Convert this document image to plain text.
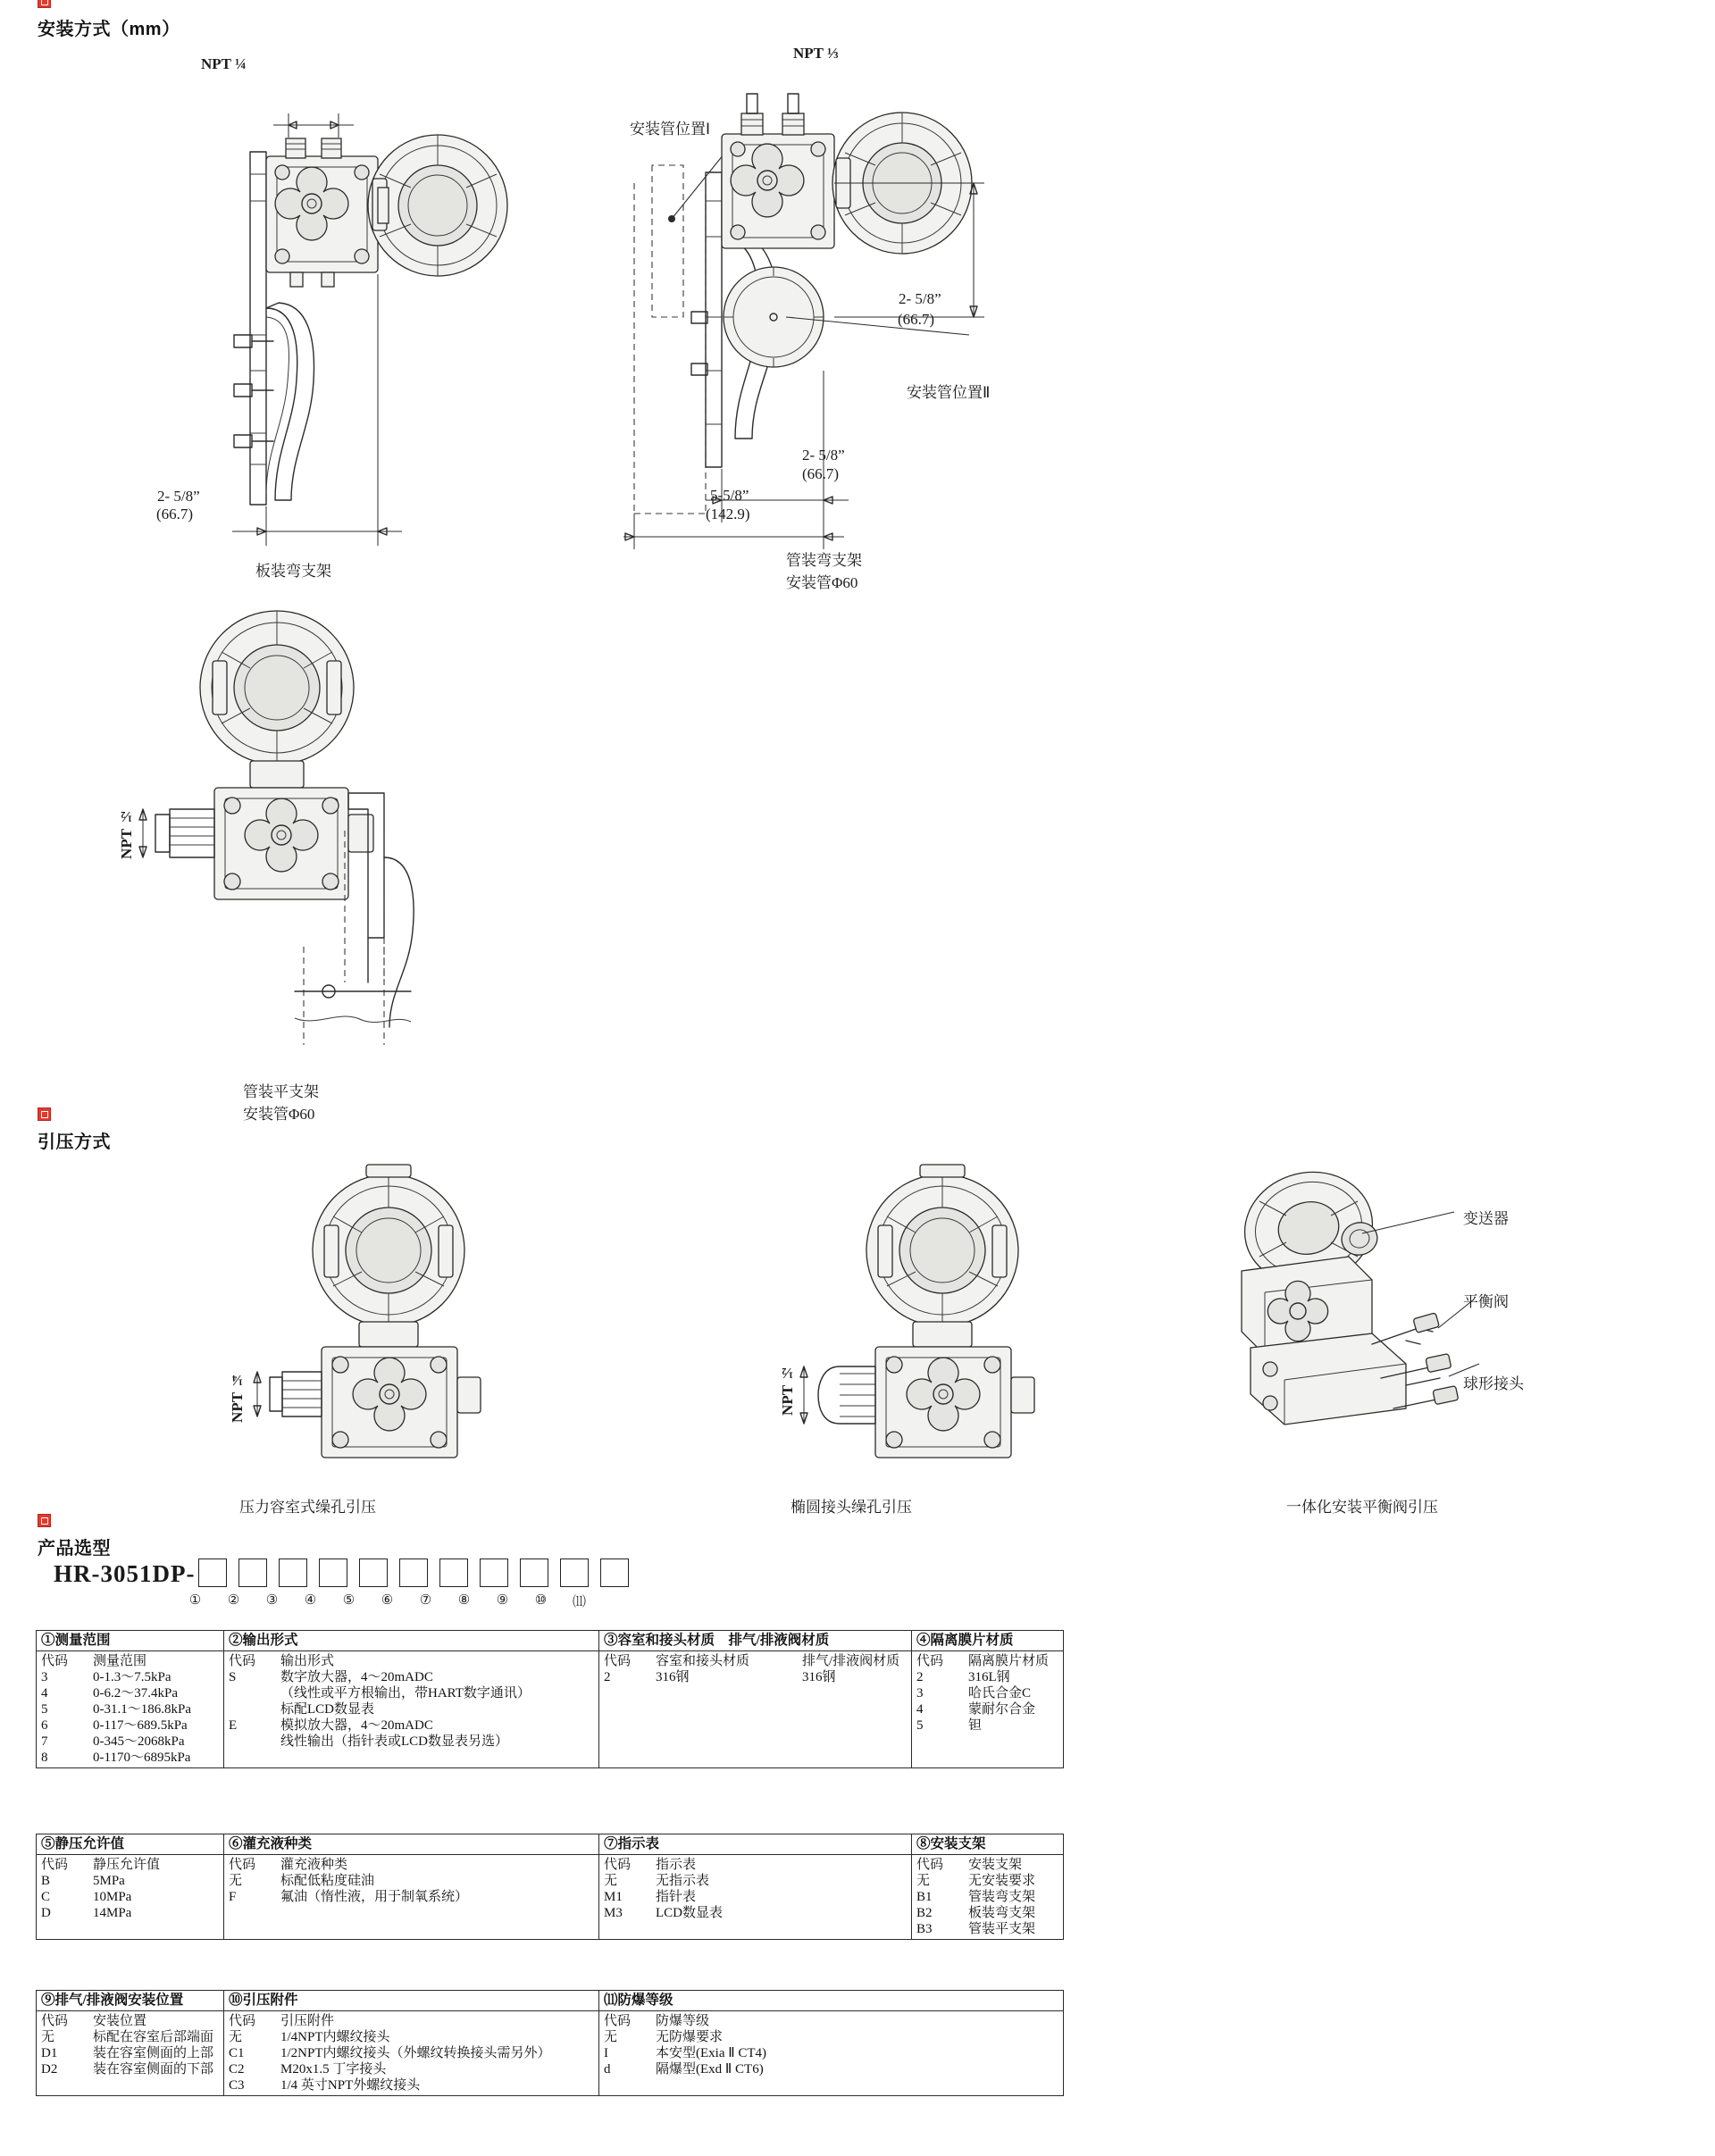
安装方式（mm）
NPT ¼
2- 5/8”
(66.7)
板装弯支架
NPT ⅓
安装管位置Ⅰ
安装管位置Ⅱ
2- 5/8”
(66.7)
2- 5/8”
(66.7)
5-5/8”
(142.9)
管装弯支架
安装管Φ60
NPT ½
管装平支架
安装管Φ60
引压方式
NPT ¼
压力容室式缲孔引压
NPT ½
椭圆接头缲孔引压
变送器
平衡阀
球形接头
一体化安装平衡阀引压
产品选型
HR-3051DP-
①	②	③	④	⑤	⑥	⑦	⑧	⑨	⑩	⑾
①测量范围	②输出形式	③容室和接头材质　排气/排液阀材质	④隔离膜片材质

代码	测量范围
3	0-1.3～7.5kPa
4	0-6.2～37.4kPa
5	0-31.1～186.8kPa
6	0-117～689.5kPa
7	0-345～2068kPa
8	0-1170～6895kPa

代码	输出形式
S	数字放大器，4～20mADC
	（线性或平方根输出，带HART数字通讯）
	标配LCD数显表
E	模拟放大器，4～20mADC
	线性输出（指针表或LCD数显表另选）

代码	容室和接头材质	排气/排液阀材质
2	316钢	316钢

代码	隔离膜片材质
2	316L钢
3	哈氏合金C
4	蒙耐尔合金
5	钽
⑤静压允许值	⑥灌充液种类	⑦指示表	⑧安装支架

代码	静压允许值
B	5MPa
C	10MPa
D	14MPa

代码	灌充液种类
无	标配低粘度硅油
F	氟油（惰性液，用于制氧系统）

代码	指示表
无	无指示表
M1	指针表
M3	LCD数显表

代码	安装支架
无	无安装要求
B1	管装弯支架
B2	板装弯支架
B3	管装平支架
⑨排气/排液阀安装位置	⑩引压附件	⑾防爆等级

代码	安装位置
无	标配在容室后部端面
D1	装在容室侧面的上部
D2	装在容室侧面的下部

代码	引压附件
无	1/4NPT内螺纹接头
C1	1/2NPT内螺纹接头（外螺纹转换接头需另外）
C2	M20x1.5 丁字接头
C3	1/4 英寸NPT外螺纹接头

代码	防爆等级
无	无防爆要求
I	本安型(Exia Ⅱ CT4)
d	隔爆型(Exd Ⅱ CT6)
